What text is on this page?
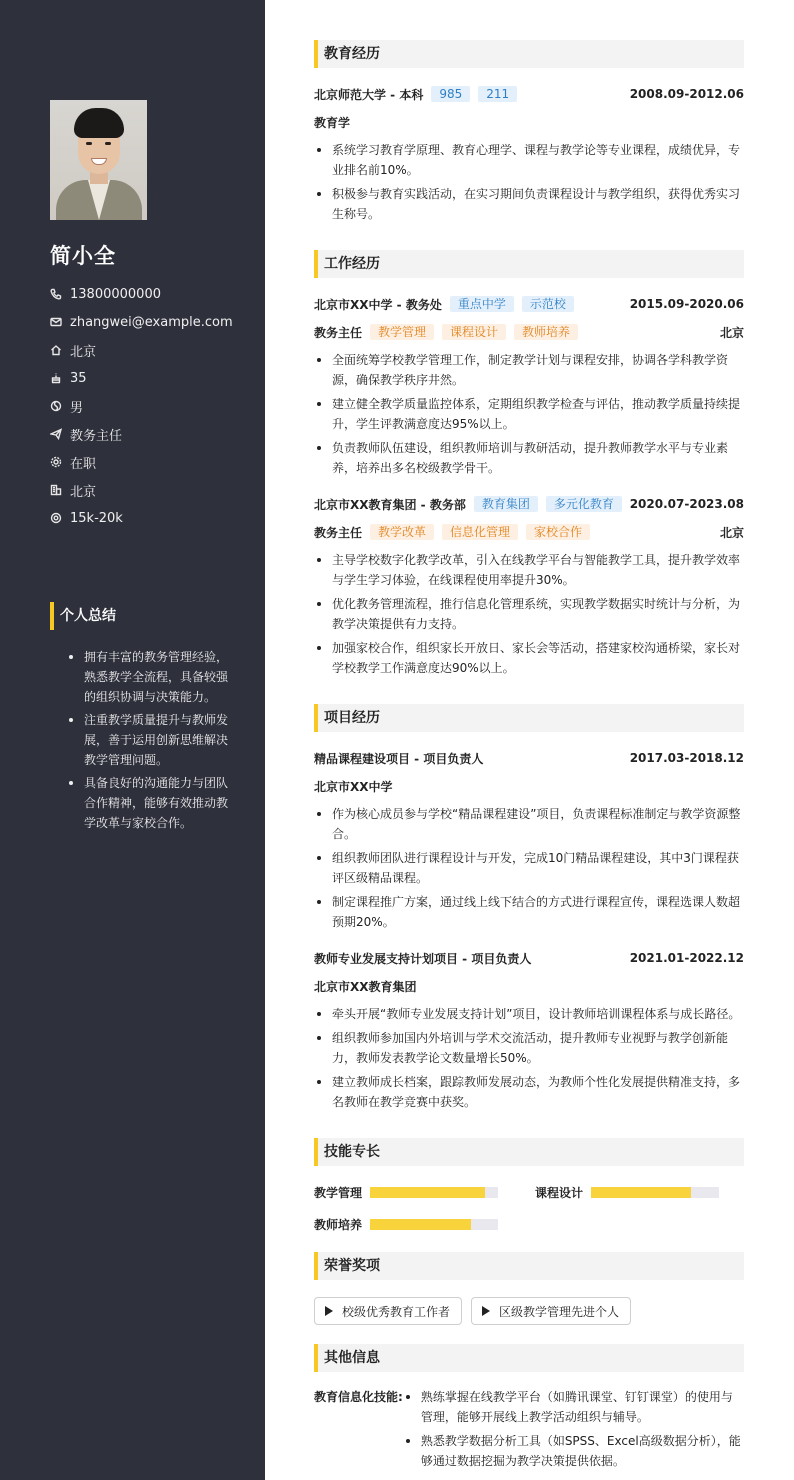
简小全
13800000000
zhangwei@example.com
北京
35
男
教务主任
在职
北京
15k-20k
个人总结
拥有丰富的教务管理经验，熟悉教学全流程，具备较强的组织协调与决策能力。
注重教学质量提升与教师发展，善于运用创新思维解决教学管理问题。
具备良好的沟通能力与团队合作精神，能够有效推动教学改革与家校合作。
教育经历
北京师范大学 - 本科	985	211	2008.09-2012.06
教育学
系统学习教育学原理、教育心理学、课程与教学论等专业课程，成绩优异，专业排名前10%。
积极参与教育实践活动，在实习期间负责课程设计与教学组织，获得优秀实习生称号。
工作经历
北京市XX中学 - 教务处	重点中学	示范校	2015.09-2020.06
教务主任	教学管理	课程设计	教师培养	北京
全面统筹学校教学管理工作，制定教学计划与课程安排，协调各学科教学资源，确保教学秩序井然。
建立健全教学质量监控体系，定期组织教学检查与评估，推动教学质量持续提升，学生评教满意度达95%以上。
负责教师队伍建设，组织教师培训与教研活动，提升教师教学水平与专业素养，培养出多名校级教学骨干。
北京市XX教育集团 - 教务部	教育集团	多元化教育	2020.07-2023.08
教务主任	教学改革	信息化管理	家校合作	北京
主导学校数字化教学改革，引入在线教学平台与智能教学工具，提升教学效率与学生学习体验，在线课程使用率提升30%。
优化教务管理流程，推行信息化管理系统，实现教学数据实时统计与分析，为教学决策提供有力支持。
加强家校合作，组织家长开放日、家长会等活动，搭建家校沟通桥梁，家长对学校教学工作满意度达90%以上。
项目经历
精品课程建设项目 - 项目负责人	2017.03-2018.12
北京市XX中学
作为核心成员参与学校“精品课程建设”项目，负责课程标准制定与教学资源整合。
组织教师团队进行课程设计与开发，完成10门精品课程建设，其中3门课程获评区级精品课程。
制定课程推广方案，通过线上线下结合的方式进行课程宣传，课程选课人数超预期20%。
教师专业发展支持计划项目 - 项目负责人	2021.01-2022.12
北京市XX教育集团
牵头开展“教师专业发展支持计划”项目，设计教师培训课程体系与成长路径。
组织教师参加国内外培训与学术交流活动，提升教师专业视野与教学创新能力，教师发表教学论文数量增长50%。
建立教师成长档案，跟踪教师发展动态，为教师个性化发展提供精准支持，多名教师在教学竞赛中获奖。
技能专长
教学管理	课程设计
教师培养
荣誉奖项
校级优秀教育工作者	区级教学管理先进个人
其他信息
教育信息化技能:	熟练掌握在线教学平台（如腾讯课堂、钉钉课堂）的使用与管理，能够开展线上教学活动组织与辅导。
熟悉教学数据分析工具（如SPSS、Excel高级数据分析），能够通过数据挖掘为教学决策提供依据。
